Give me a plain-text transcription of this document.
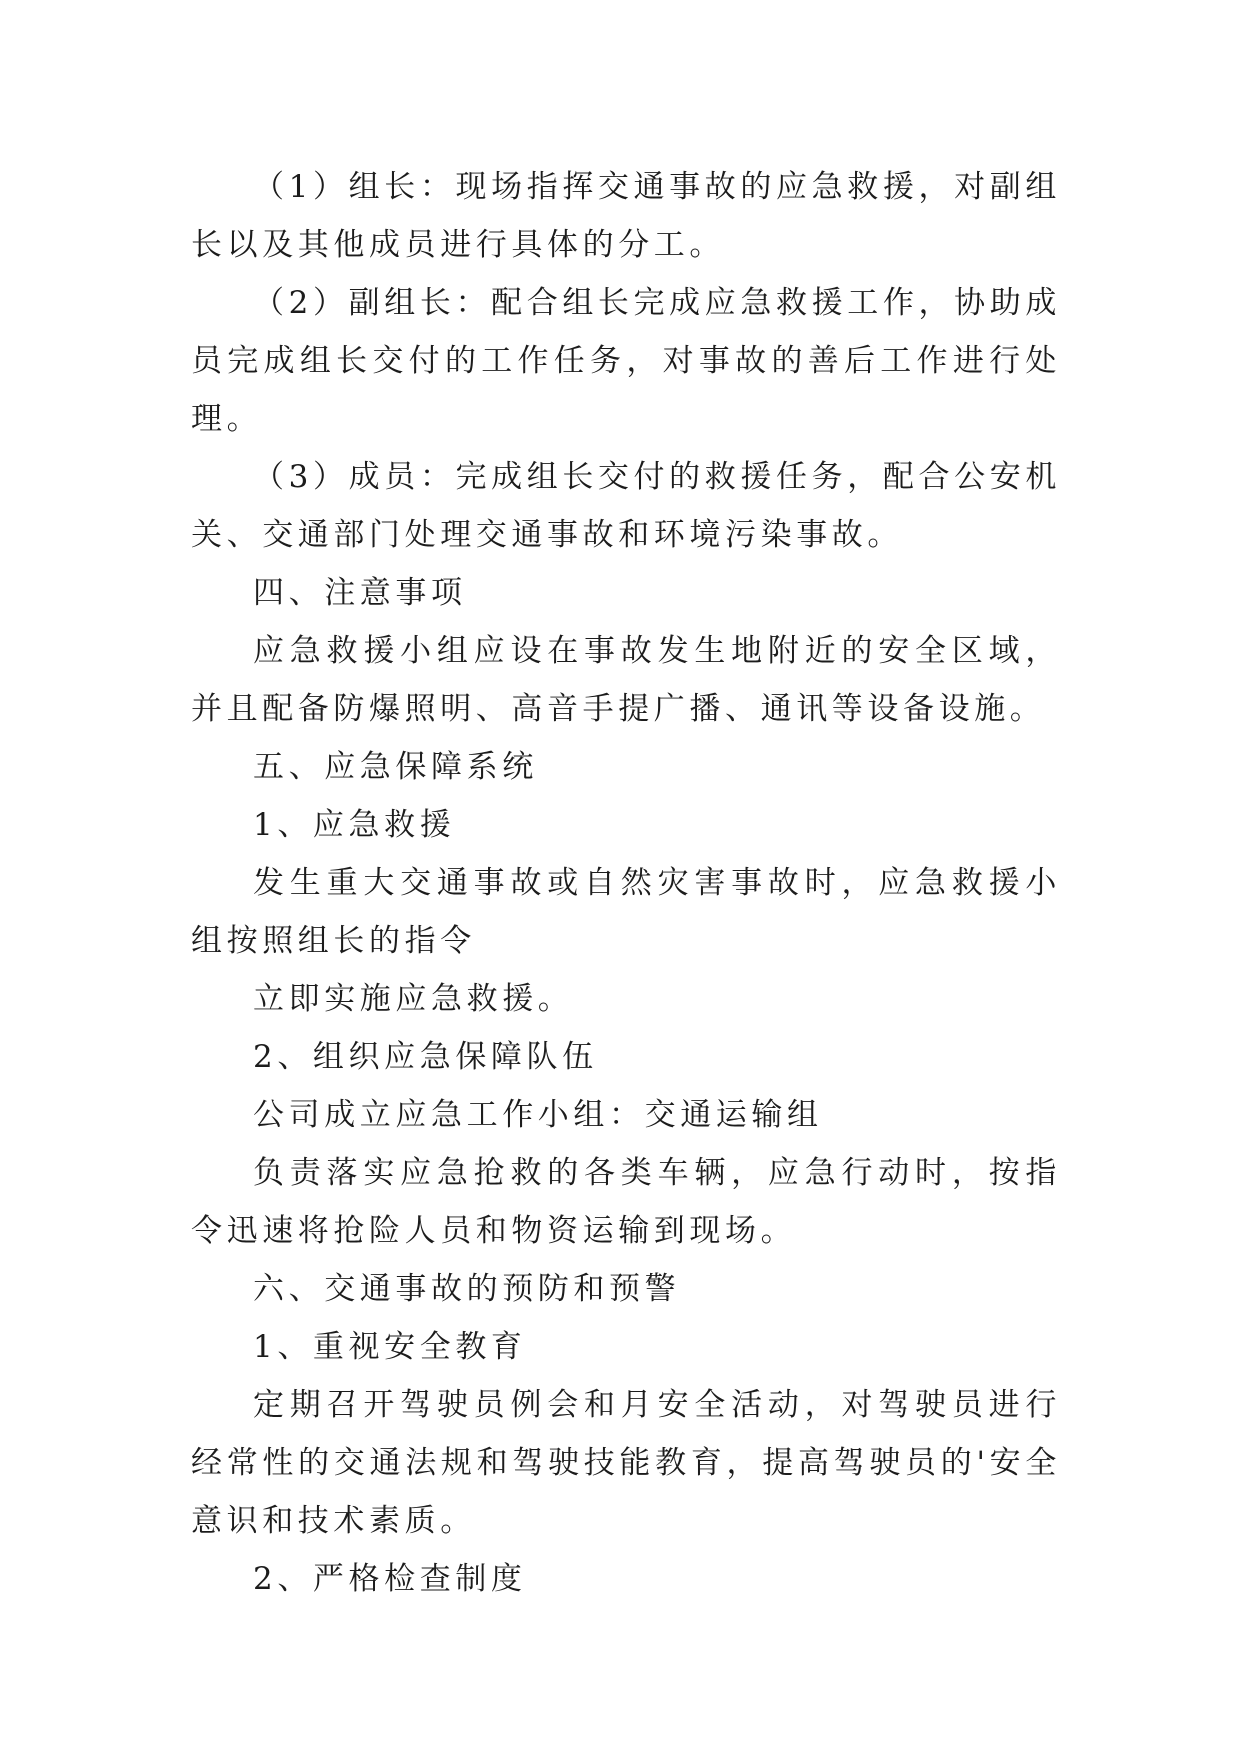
（1）组长：现场指挥交通事故的应急救援，对副组长以及其他成员进行具体的分工。

（2）副组长：配合组长完成应急救援工作，协助成员完成组长交付的工作任务，对事故的善后工作进行处理。

（3）成员：完成组长交付的救援任务，配合公安机关、交通部门处理交通事故和环境污染事故。

四、注意事项

应急救援小组应设在事故发生地附近的安全区域，并且配备防爆照明、高音手提广播、通讯等设备设施。

五、应急保障系统

1、应急救援

发生重大交通事故或自然灾害事故时，应急救援小组按照组长的指令

立即实施应急救援。

2、组织应急保障队伍

公司成立应急工作小组：交通运输组

负责落实应急抢救的各类车辆，应急行动时，按指令迅速将抢险人员和物资运输到现场。

六、交通事故的预防和预警

1、重视安全教育

定期召开驾驶员例会和月安全活动，对驾驶员进行经常性的交通法规和驾驶技能教育，提高驾驶员的'安全意识和技术素质。

2、严格检查制度
